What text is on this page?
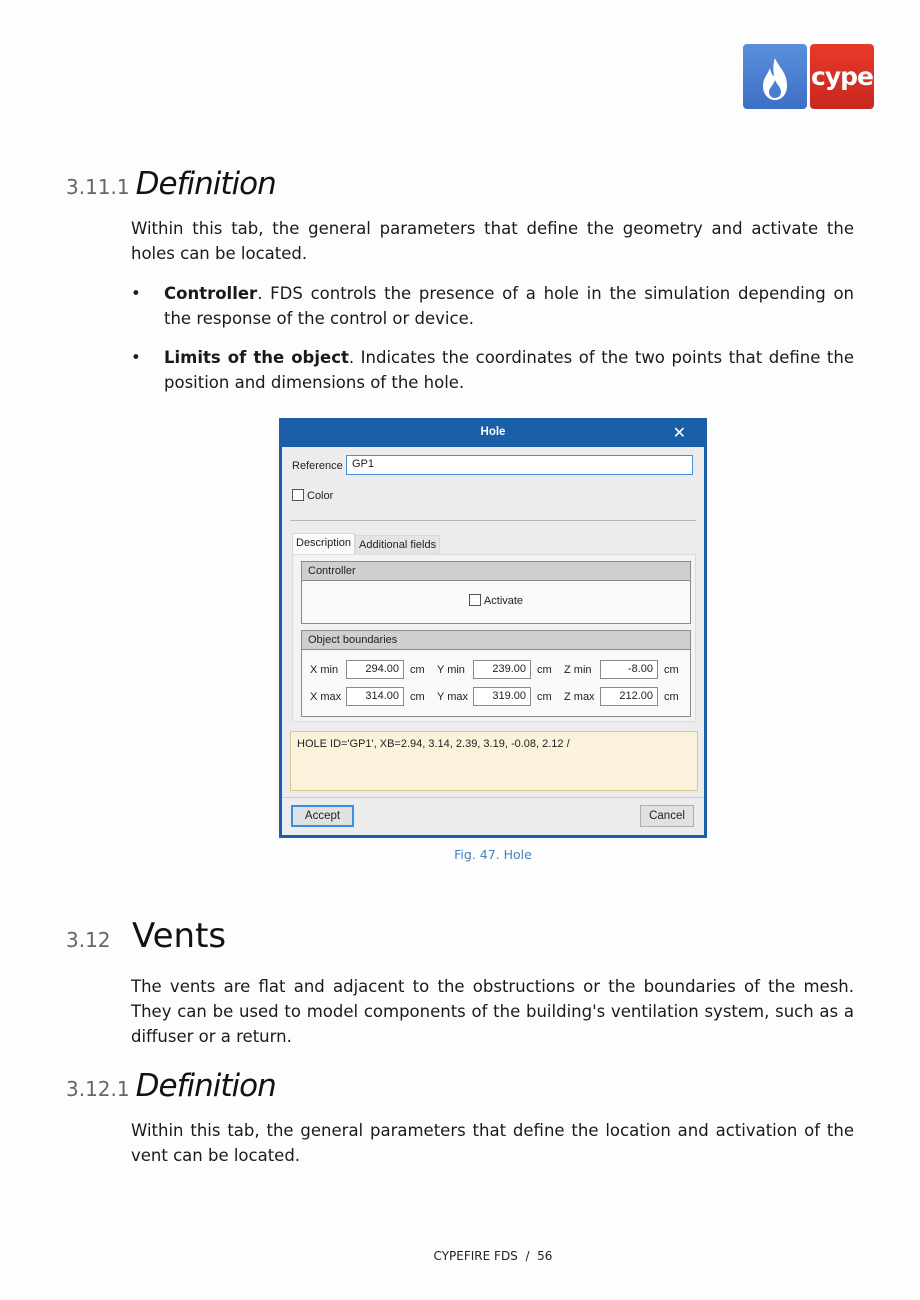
cype
3.11.1 Definition
Within this tab, the general parameters that define the geometry and activate the holes can be located.
• Controller. FDS controls the presence of a hole in the simulation depending on the response of the control or device.
• Limits of the object. Indicates the coordinates of the two points that define the position and dimensions of the hole.
Hole	✕
Reference GP1
Color
Description Additional fields
Controller
Activate
Object boundaries
X min	294.00	cm	Y min	239.00	cm	Z min	-8.00	cm
X max	314.00	cm	Y max	319.00	cm	Z max	212.00	cm
HOLE ID='GP1', XB=2.94, 3.14, 2.39, 3.19, -0.08, 2.12 /
Accept	Cancel
Fig. 47. Hole
3.12 Vents
The vents are flat and adjacent to the obstructions or the boundaries of the mesh. They can be used to model components of the building's ventilation system, such as a diffuser or a return.
3.12.1 Definition
Within this tab, the general parameters that define the location and activation of the vent can be located.
CYPEFIRE FDS / 56
